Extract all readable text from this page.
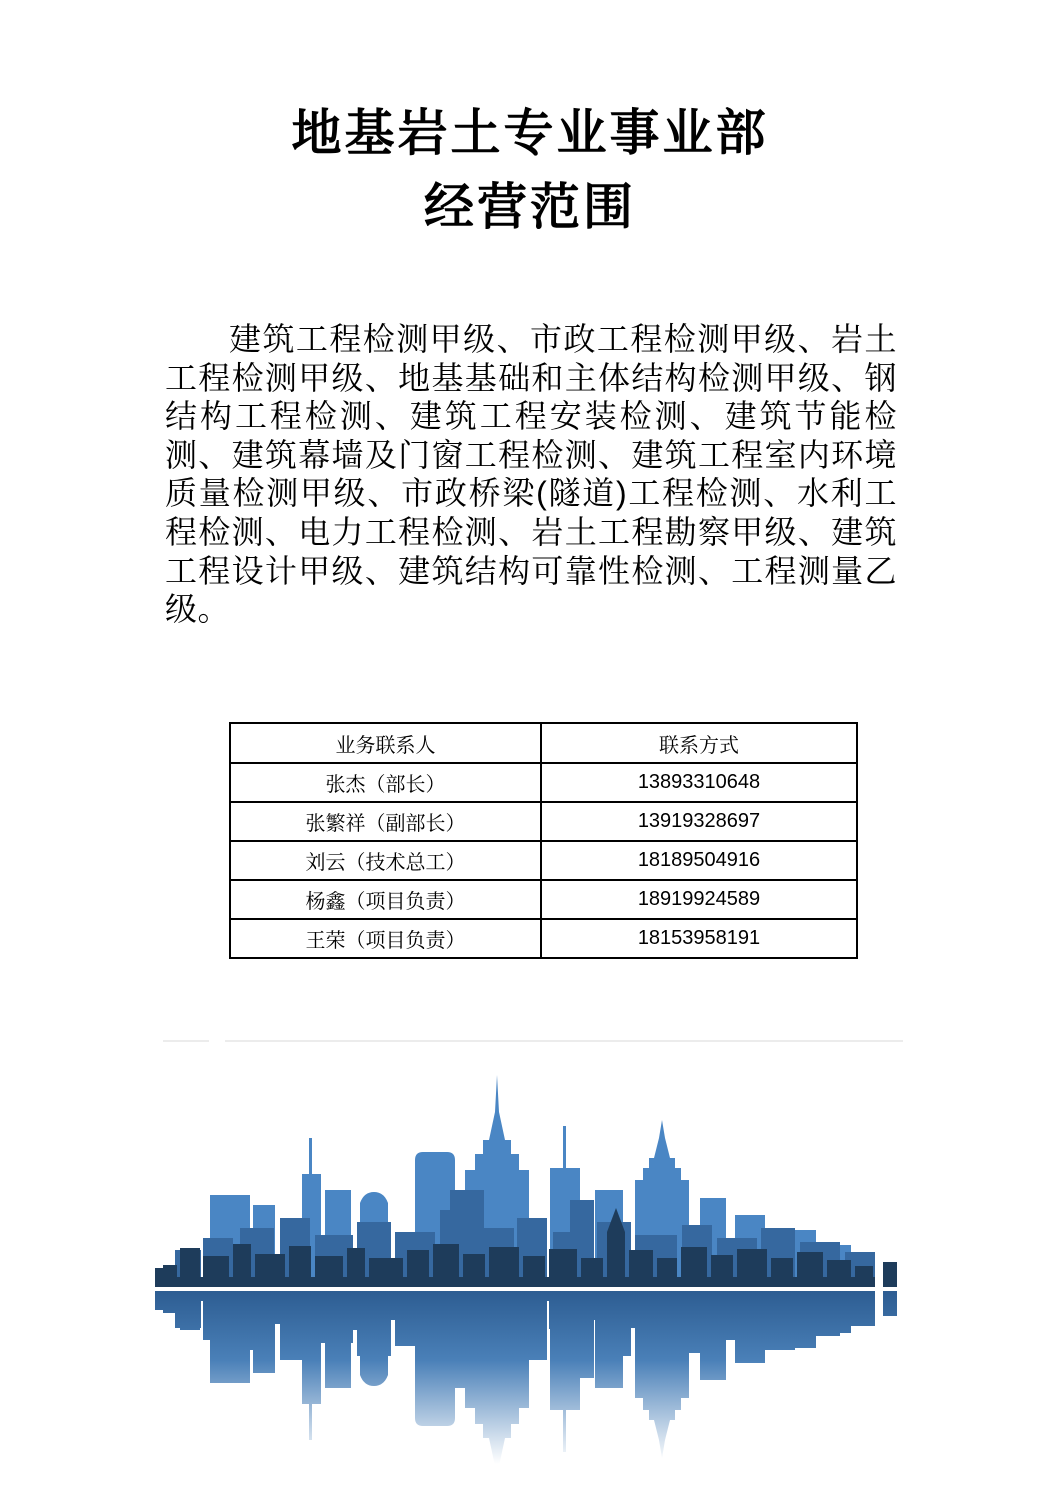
地基岩土专业事业部
经营范围

建筑工程检测甲级、市政工程检测甲级、岩土工程检测甲级、地基基础和主体结构检测甲级、钢结构工程检测、建筑工程安装检测、建筑节能检测、建筑幕墙及门窗工程检测、建筑工程室内环境质量检测甲级、市政桥梁(隧道)工程检测、水利工程检测、电力工程检测、岩土工程勘察甲级、建筑工程设计甲级、建筑结构可靠性检测、工程测量乙级。

业务联系人	联系方式
张杰（部长）	13893310648
张繁祥（副部长）	13919328697
刘云（技术总工）	18189504916
杨鑫（项目负责）	18919924589
王荣（项目负责）	18153958191
